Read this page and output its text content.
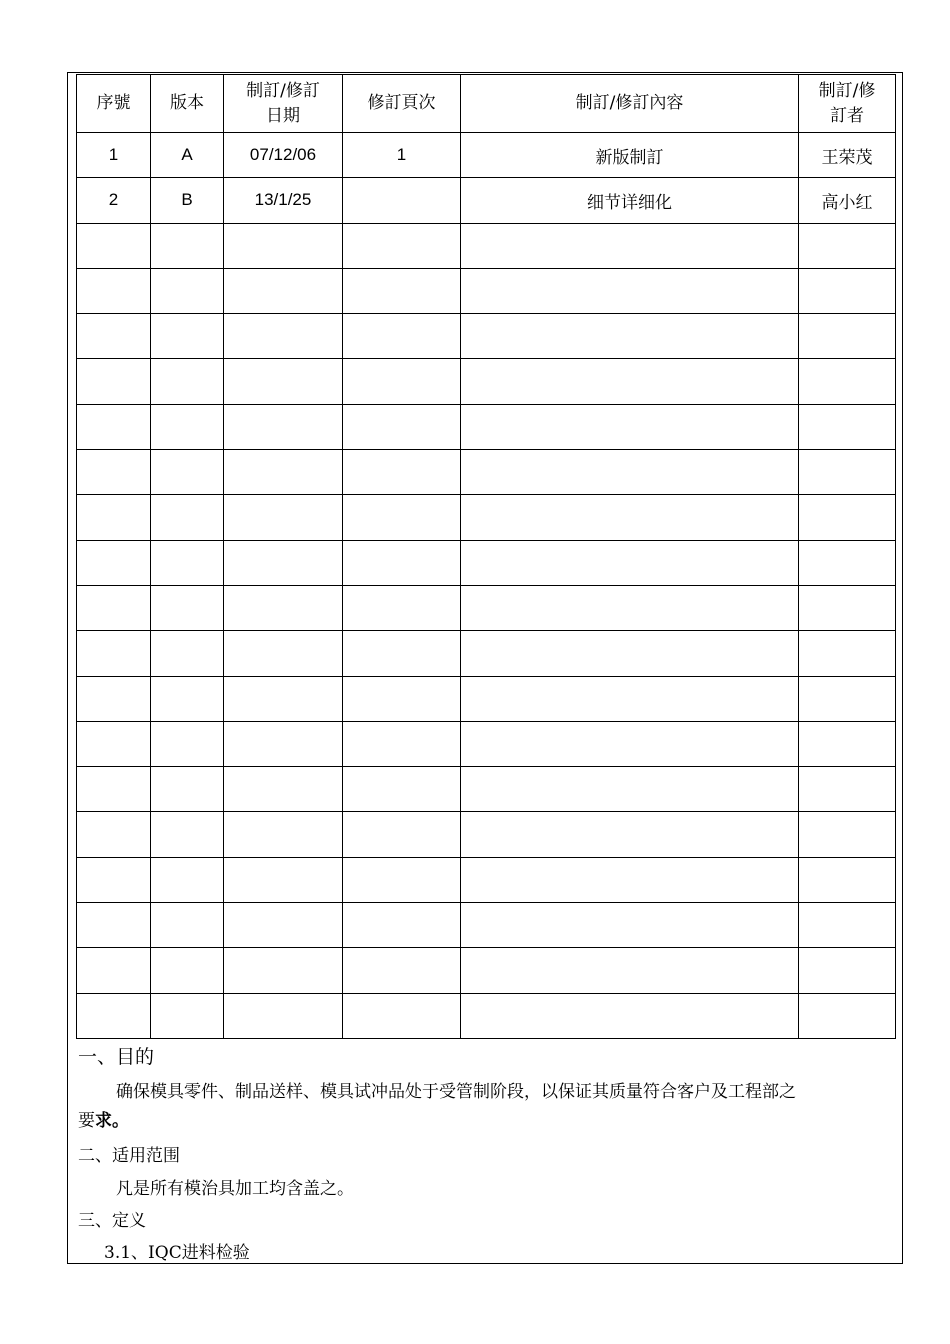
序號	版本	制訂/修訂日期	修訂頁次	制訂/修訂內容	制訂/修訂者
1	A	07/12/06	1	新版制訂	王荣茂
2	B	13/1/25		细节详细化	高小红

一、目的
确保模具零件、制品送样、模具试冲品处于受管制阶段，以保证其质量符合客户及工程部之
要求。
二、适用范围
凡是所有模治具加工均含盖之。
三、定义
3.1、IQC进料检验
